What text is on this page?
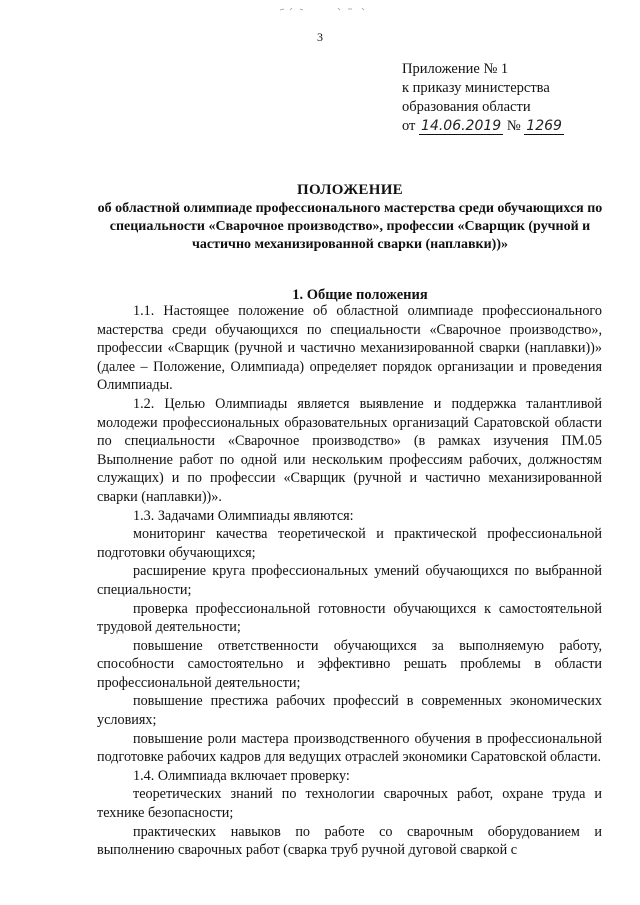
3
Приложение № 1
к приказу министерства
образования области
от 14.06.2019 № 1269
ПОЛОЖЕНИЕ
об областной олимпиаде профессионального мастерства среди обучающихся по специальности «Сварочное производство», профессии «Сварщик (ручной и частично механизированной сварки (наплавки))»
1. Общие положения

1.1. Настоящее положение об областной олимпиаде профессионального мастерства среди обучающихся по специальности «Сварочное производство», профессии «Сварщик (ручной и частично механизированной сварки (наплавки))» (далее – Положение, Олимпиада) определяет порядок организации и проведения Олимпиады.

1.2. Целью Олимпиады является выявление и поддержка талантливой молодежи профессиональных образовательных организаций Саратовской области по специальности «Сварочное производство» (в рамках изучения ПМ.05 Выполнение работ по одной или нескольким профессиям рабочих, должностям служащих) и по профессии «Сварщик (ручной и частично механизированной сварки (наплавки))».

1.3. Задачами Олимпиады являются:

мониторинг качества теоретической и практической профессиональной подготовки обучающихся;

расширение круга профессиональных умений обучающихся по выбранной специальности;

проверка профессиональной готовности обучающихся к самостоятельной трудовой деятельности;

повышение ответственности обучающихся за выполняемую работу, способности самостоятельно и эффективно решать проблемы в области профессиональной деятельности;

повышение престижа рабочих профессий в современных экономических условиях;

повышение роли мастера производственного обучения в профессиональной подготовке рабочих кадров для ведущих отраслей экономики Саратовской области.

1.4. Олимпиада включает проверку:

теоретических знаний по технологии сварочных работ, охране труда и технике безопасности;

практических навыков по работе со сварочным оборудованием и выполнению сварочных работ (сварка труб ручной дуговой сваркой с
